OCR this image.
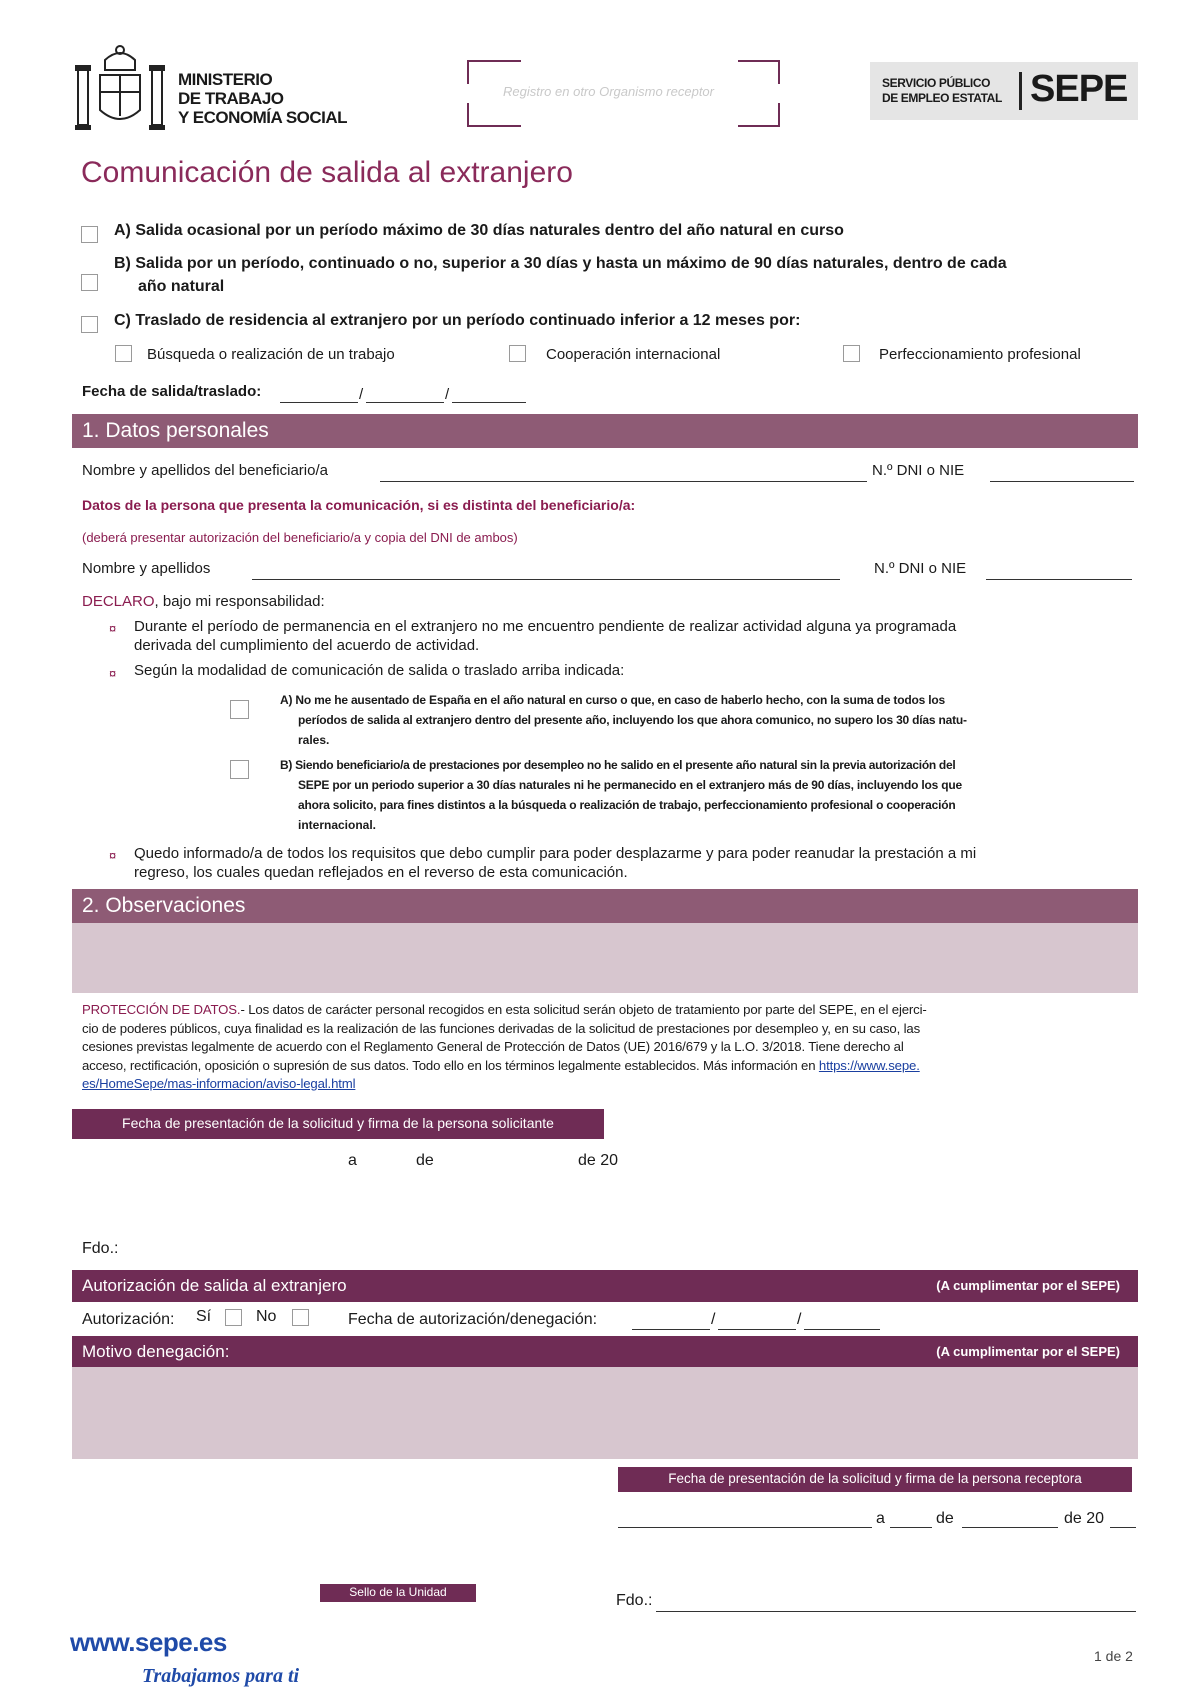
MINISTERIO
DE TRABAJO
Y ECONOMÍA SOCIAL
Registro en otro Organismo receptor
SERVICIO PÚBLICO
DE EMPLEO ESTATAL SEPE
Comunicación de salida al extranjero
A) Salida ocasional por un período máximo de 30 días naturales dentro del año natural en curso
B) Salida por un período, continuado o no, superior a 30 días y hasta un máximo de 90 días naturales, dentro de cada
año natural
C) Traslado de residencia al extranjero por un período continuado inferior a 12 meses por:
Búsqueda o realización de un trabajo	Cooperación internacional	Perfeccionamiento profesional
Fecha de salida/traslado:	/	/
1. Datos personales
Nombre y apellidos del beneficiario/a	N.º DNI o NIE
Datos de la persona que presenta la comunicación, si es distinta del beneficiario/a:
(deberá presentar autorización del beneficiario/a y copia del DNI de ambos)
Nombre y apellidos	N.º DNI o NIE
DECLARO, bajo mi responsabilidad:
¤ Durante el período de permanencia en el extranjero no me encuentro pendiente de realizar actividad alguna ya programada
derivada del cumplimiento del acuerdo de actividad.
¤ Según la modalidad de comunicación de salida o traslado arriba indicada:
A) No me he ausentado de España en el año natural en curso o que, en caso de haberlo hecho, con la suma de todos los
períodos de salida al extranjero dentro del presente año, incluyendo los que ahora comunico, no supero los 30 días natu-
rales.
B) Siendo beneficiario/a de prestaciones por desempleo no he salido en el presente año natural sin la previa autorización del
SEPE por un periodo superior a 30 días naturales ni he permanecido en el extranjero más de 90 días, incluyendo los que
ahora solicito, para fines distintos a la búsqueda o realización de trabajo, perfeccionamiento profesional o cooperación
internacional.
¤ Quedo informado/a de todos los requisitos que debo cumplir para poder desplazarme y para poder reanudar la prestación a mi
regreso, los cuales quedan reflejados en el reverso de esta comunicación.
2. Observaciones
PROTECCIÓN DE DATOS.- Los datos de carácter personal recogidos en esta solicitud serán objeto de tratamiento por parte del SEPE, en el ejerci-
cio de poderes públicos, cuya finalidad es la realización de las funciones derivadas de la solicitud de prestaciones por desempleo y, en su caso, las
cesiones previstas legalmente de acuerdo con el Reglamento General de Protección de Datos (UE) 2016/679 y la L.O. 3/2018. Tiene derecho al
acceso, rectificación, oposición o supresión de sus datos. Todo ello en los términos legalmente establecidos. Más información en https://www.sepe.
es/HomeSepe/mas-informacion/aviso-legal.html
Fecha de presentación de la solicitud y firma de la persona solicitante
a	de	de 20
Fdo.:
Autorización de salida al extranjero	(A cumplimentar por el SEPE)
Autorización: Sí	No	Fecha de autorización/denegación:	/	/
Motivo denegación:	(A cumplimentar por el SEPE)
Fecha de presentación de la solicitud y firma de la persona receptora
a	de	de 20
Sello de la Unidad	Fdo.:
www.sepe.es
Trabajamos para ti
1 de 2
